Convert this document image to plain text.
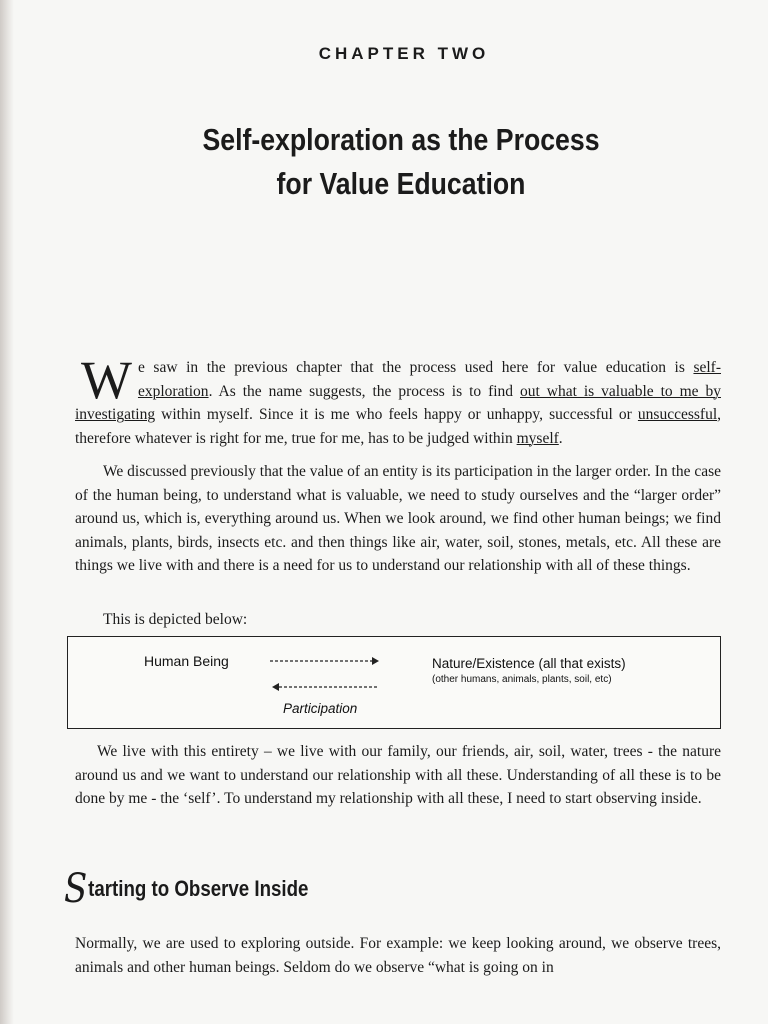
CHAPTER TWO
Self-exploration as the Process
for Value Education
We saw in the previous chapter that the process used here for value education is self-exploration. As the name suggests, the process is to find out what is valuable to me by investigating within myself. Since it is me who feels happy or unhappy, successful or unsuccessful, therefore whatever is right for me, true for me, has to be judged within myself.
We discussed previously that the value of an entity is its participation in the larger order. In the case of the human being, to understand what is valuable, we need to study ourselves and the “larger order” around us, which is, everything around us. When we look around, we find other human beings; we find animals, plants, birds, insects etc. and then things like air, water, soil, stones, metals, etc. All these are things we live with and there is a need for us to understand our relationship with all of these things.
This is depicted below:
Human Being	Nature/Existence (all that exists)
(other humans, animals, plants, soil, etc)
Participation
We live with this entirety – we live with our family, our friends, air, soil, water, trees - the nature around us and we want to understand our relationship with all these. Understanding of all these is to be done by me - the ‘self’. To understand my relationship with all these, I need to start observing inside.
Starting to Observe Inside
Normally, we are used to exploring outside. For example: we keep looking around, we observe trees, animals and other human beings. Seldom do we observe “what is going on in
